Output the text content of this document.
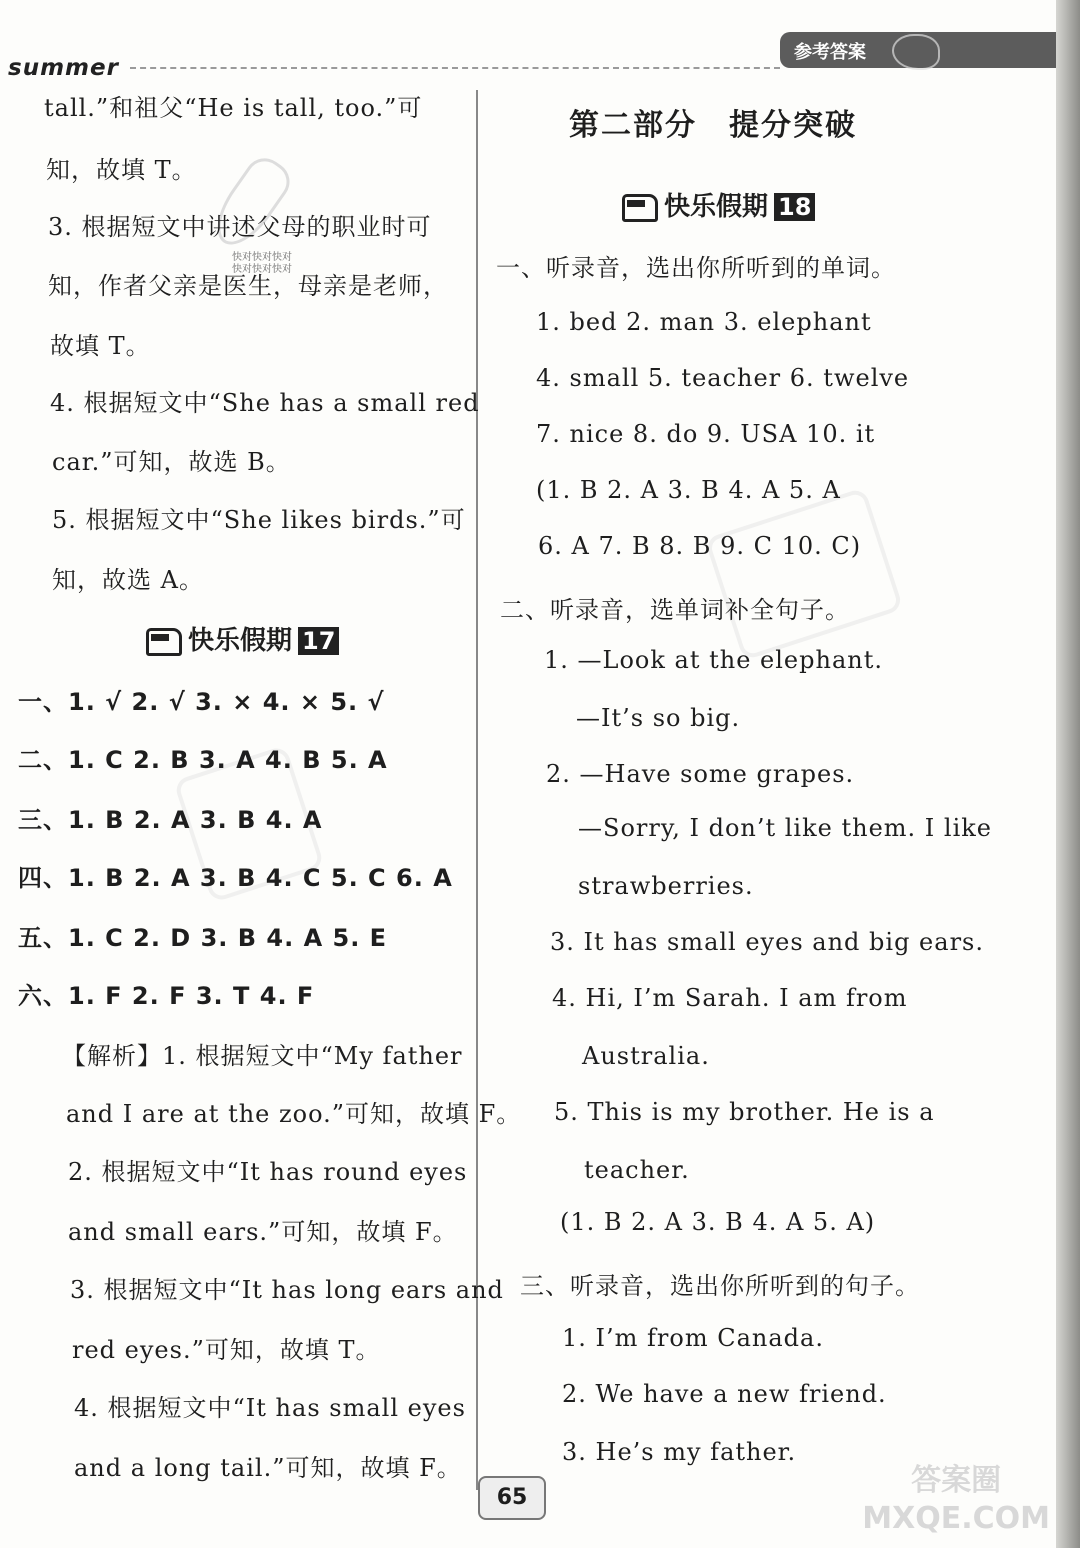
summer
参考答案
快对快对快对
快对快对快对
tall.”和祖父“He is tall, too.”可
知，故填 T。
3. 根据短文中讲述父母的职业时可
知，作者父亲是医生，母亲是老师，
故填 T。
4. 根据短文中“She has a small red
car.”可知，故选 B。
5. 根据短文中“She likes birds.”可
知，故选 A。
快乐假期 17
一、1. √ 2. √ 3. × 4. × 5. √
二、1. C 2. B 3. A 4. B 5. A
三、1. B 2. A 3. B 4. A
四、1. B 2. A 3. B 4. C 5. C 6. A
五、1. C 2. D 3. B 4. A 5. E
六、1. F 2. F 3. T 4. F
【解析】1. 根据短文中“My father
and I are at the zoo.”可知，故填 F。
2. 根据短文中“It has round eyes
and small ears.”可知，故填 F。
3. 根据短文中“It has long ears and
red eyes.”可知，故填 T。
4. 根据短文中“It has small eyes
and a long tail.”可知，故填 F。
第二部分　提分突破
快乐假期 18
一、听录音，选出你所听到的单词。
1. bed 2. man 3. elephant
4. small 5. teacher 6. twelve
7. nice 8. do 9. USA 10. it
(1. B 2. A 3. B 4. A 5. A
6. A 7. B 8. B 9. C 10. C)
二、听录音，选单词补全句子。
1. —Look at the elephant.
—It’s so big.
2. —Have some grapes.
—Sorry, I don’t like them. I like
strawberries.
3. It has small eyes and big ears.
4. Hi, I’m Sarah. I am from
Australia.
5. This is my brother. He is a
teacher.
(1. B 2. A 3. B 4. A 5. A)
三、听录音，选出你所听到的句子。
1. I’m from Canada.
2. We have a new friend.
3. He’s my father.
65	答案圈
MXQE.COM
